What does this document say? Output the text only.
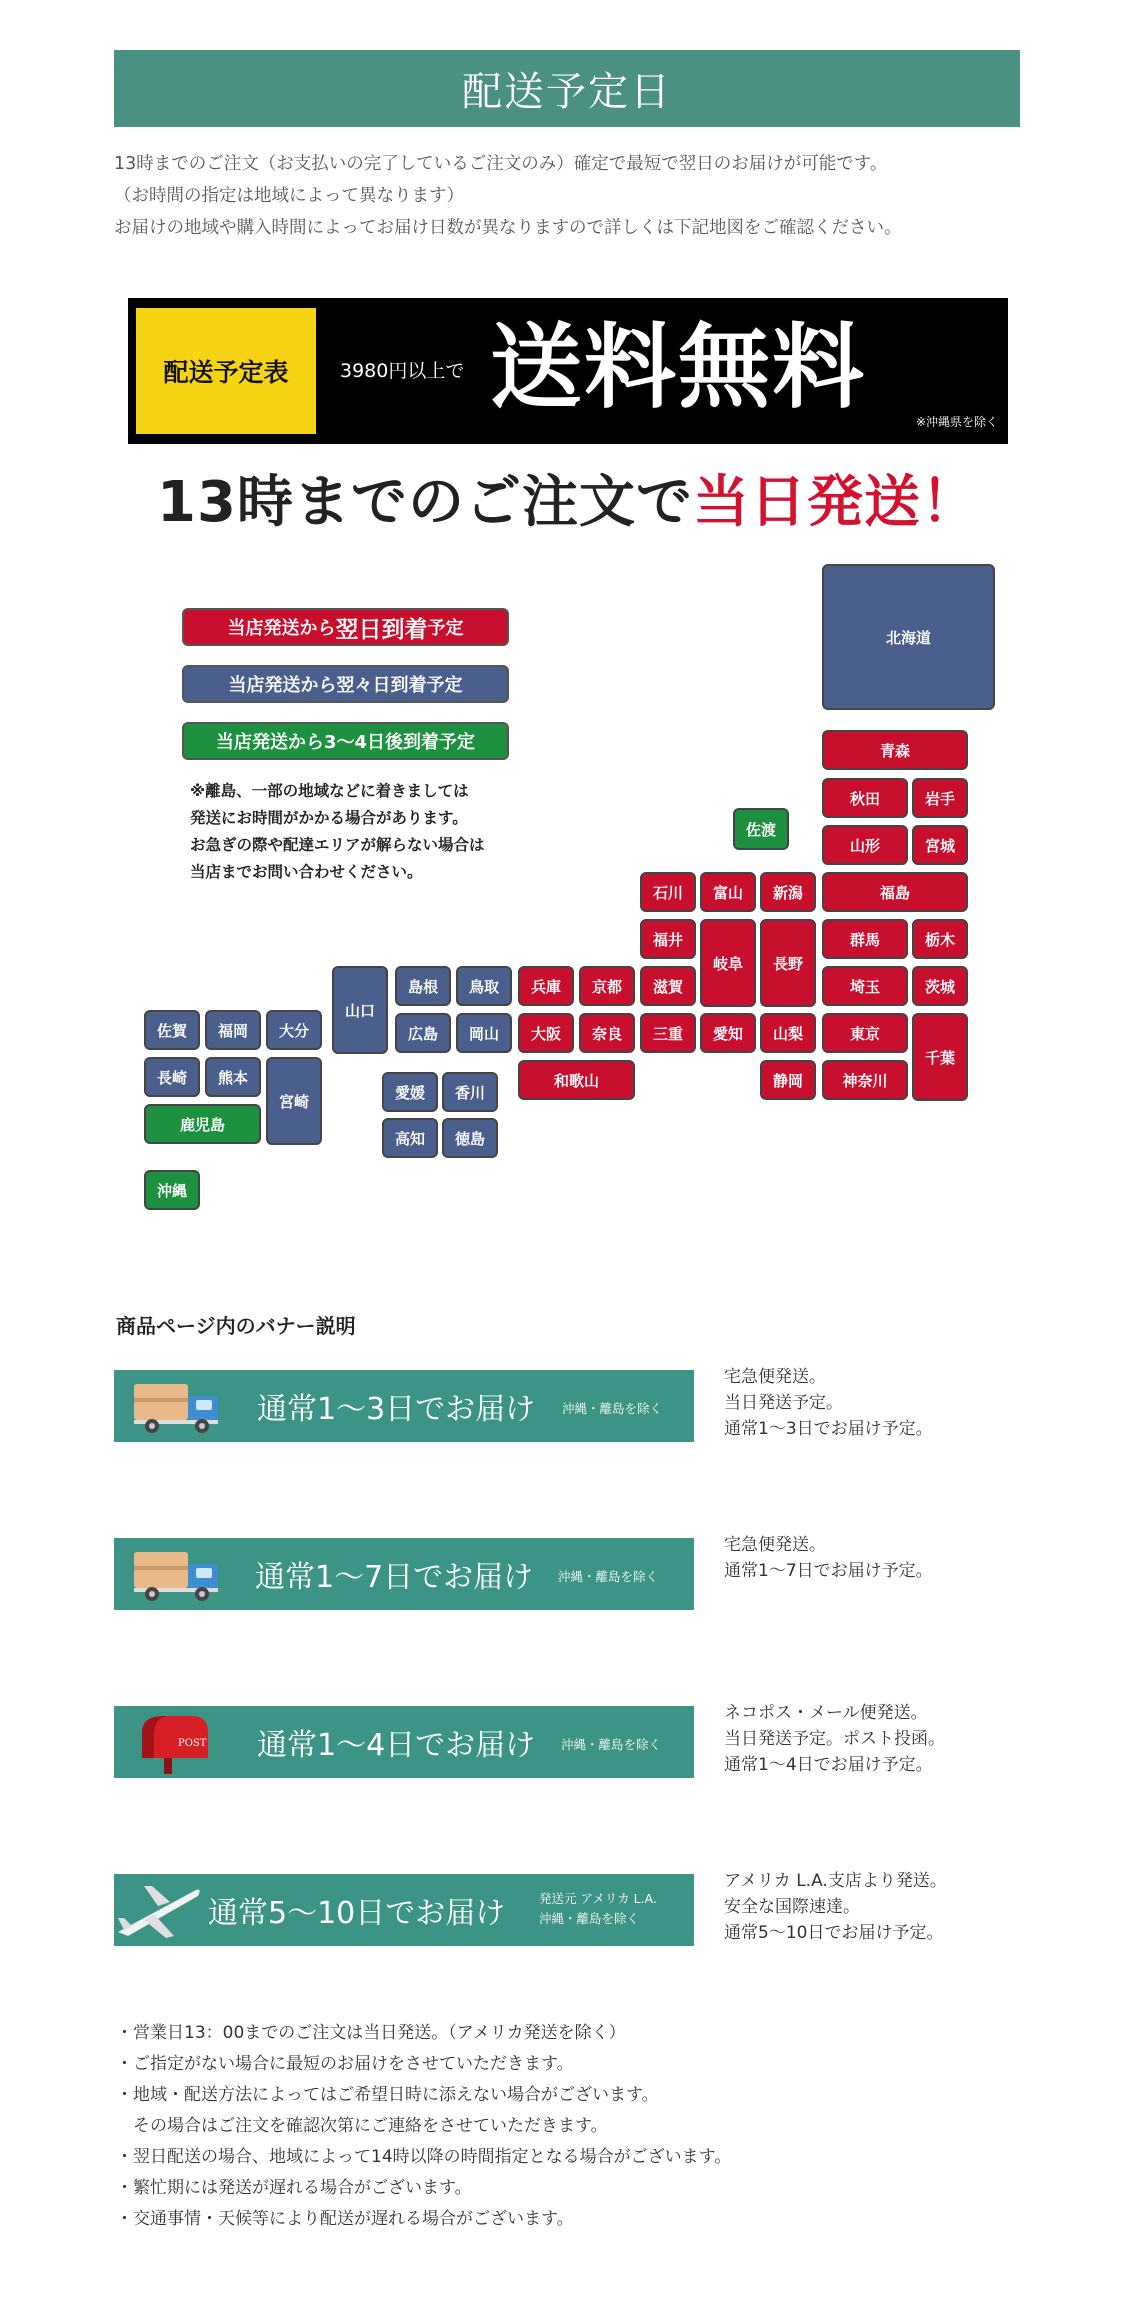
配送予定日

13時までのご注文（お支払いの完了しているご注文のみ）確定で最短で翌日のお届けが可能です。

（お時間の指定は地域によって異なります）

お届けの地域や購入時間によってお届け日数が異なりますので詳しくは下記地図をご確認ください。

配送予定表	3980円以上で 送料無料
※沖縄県を除く
13時までのご注文で当日発送！
当店発送から 翌日到着 予定
当店発送から翌々日到着予定
当店発送から3～4日後到着予定
※離島、一部の地域などに着きましては
発送にお時間がかかる場合があります。
お急ぎの際や配達エリアが解らない場合は
当店までお問い合わせください。
北海道
青森
秋田	岩手
山形	宮城
佐渡
福島
石川	富山	新潟
福井
岐阜	長野
群馬	栃木
埼玉	茨城
兵庫	京都	滋賀
大阪	奈良	三重	愛知	山梨	東京
千葉
和歌山	静岡	神奈川
山口
島根	鳥取
広島	岡山
愛媛	香川
高知	徳島
佐賀	福岡	大分
長崎	熊本
宮崎
鹿児島
沖縄
商品ページ内のバナー説明
通常1～3日でお届け 沖縄・離島を除く
宅急便発送。
当日発送予定。
通常1～3日でお届け予定。
通常1～7日でお届け 沖縄・離島を除く
宅急便発送。
通常1～7日でお届け予定。
POST 通常1～4日でお届け 沖縄・離島を除く
ネコポス・メール便発送。
当日発送予定。ポスト投函。
通常1～4日でお届け予定。
通常5～10日でお届け	発送元 アメリカ L.A.
沖縄・離島を除く
アメリカ L.A.支店より発送。
安全な国際速達。
通常5～10日でお届け予定。
・営業日13：00までのご注文は当日発送。（アメリカ発送を除く）
・ご指定がない場合に最短のお届けをさせていただきます。
・地域・配送方法によってはご希望日時に添えない場合がございます。
　その場合はご注文を確認次第にご連絡をさせていただきます。
・翌日配送の場合、地域によって14時以降の時間指定となる場合がございます。
・繁忙期には発送が遅れる場合がございます。
・交通事情・天候等により配送が遅れる場合がございます。
